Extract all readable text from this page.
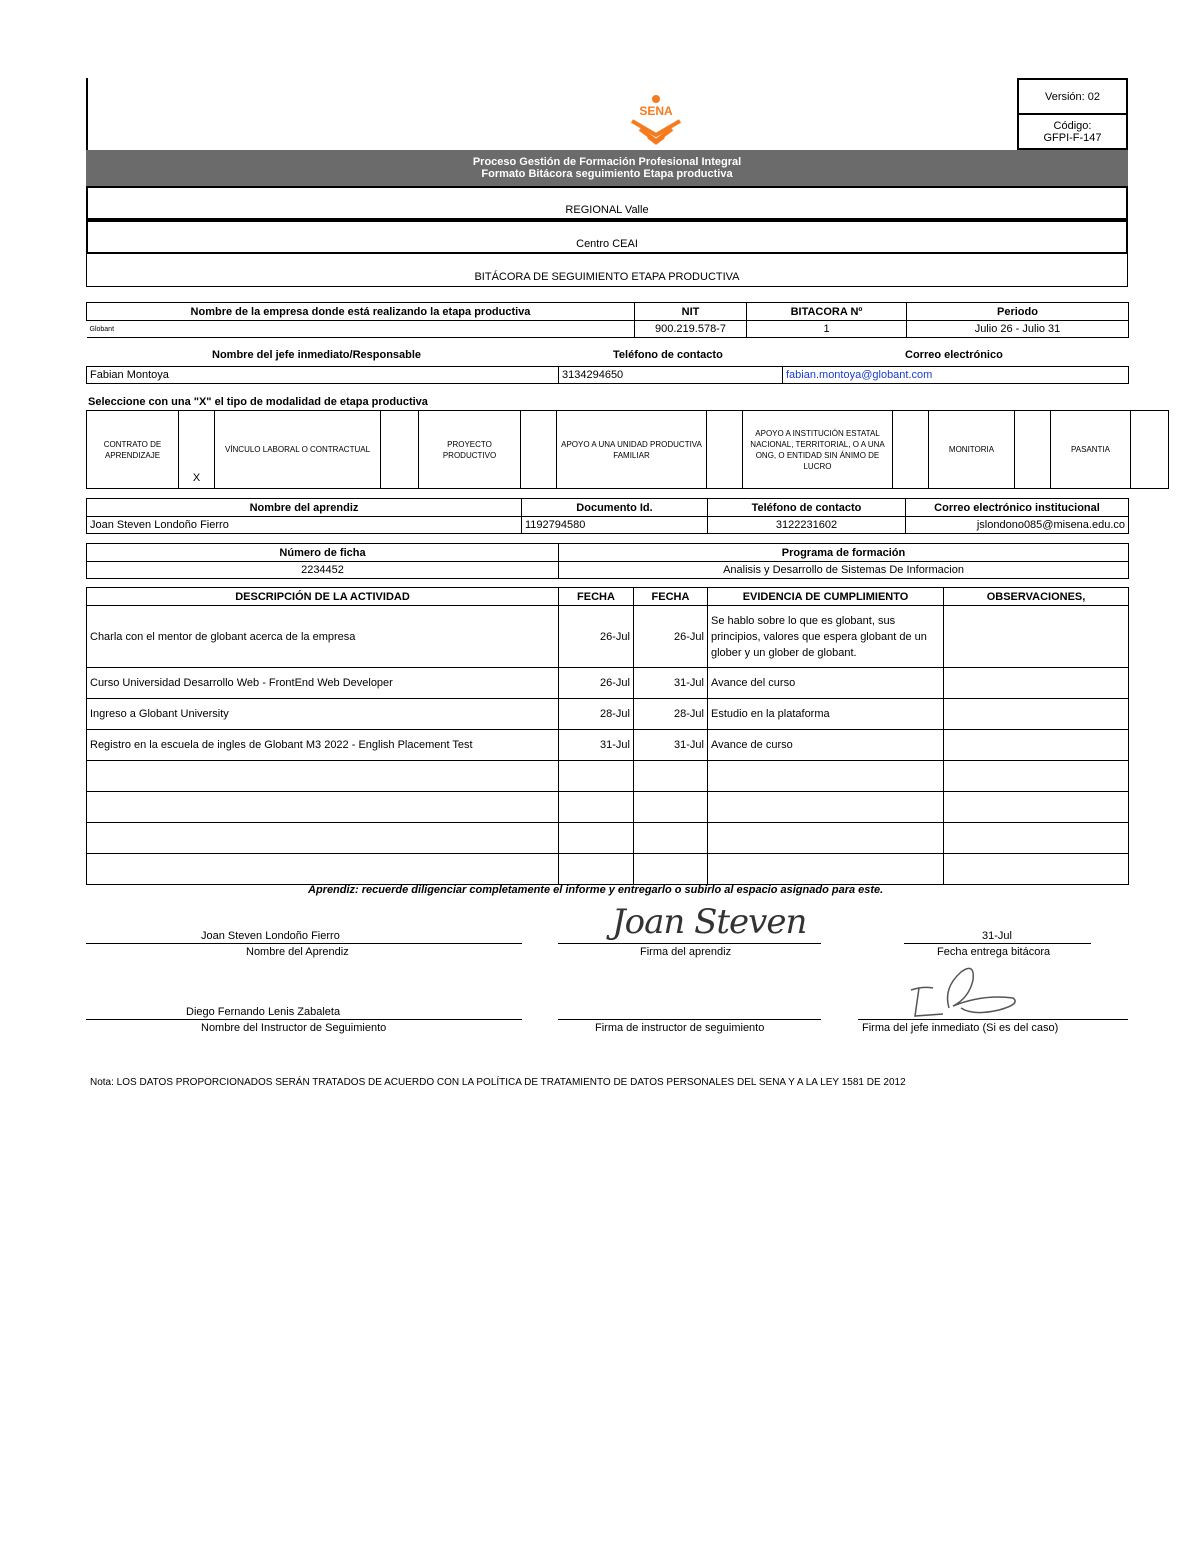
SENA
Versión: 02
Código:
GFPI-F-147
Proceso Gestión de Formación Profesional Integral
Formato Bitácora seguimiento Etapa productiva
REGIONAL Valle
Centro CEAI
BITÁCORA DE SEGUIMIENTO ETAPA PRODUCTIVA
Nombre de la empresa donde está realizando la etapa productiva	NIT	BITACORA Nº	Periodo
Globant	900.219.578-7	1	Julio 26 - Julio 31
Nombre del jefe inmediato/Responsable	Teléfono de contacto	Correo electrónico
Fabian Montoya	3134294650	fabian.montoya@globant.com
Seleccione con una "X" el tipo de modalidad de etapa productiva
CONTRATO DE APRENDIZAJE	X	VÍNCULO LABORAL O CONTRACTUAL		PROYECTO PRODUCTIVO		APOYO A UNA UNIDAD PRODUCTIVA FAMILIAR		APOYO A INSTITUCIÓN ESTATAL NACIONAL, TERRITORIAL, O A UNA ONG, O ENTIDAD SIN ÁNIMO DE LUCRO		MONITORIA		PASANTIA	
Nombre del aprendiz	Documento Id.	Teléfono de contacto	Correo electrónico institucional
Joan Steven Londoño Fierro	1192794580	3122231602	jslondono085@misena.edu.co
Número de ficha	Programa de formación
2234452	Analisis y Desarrollo de Sistemas De Informacion
DESCRIPCIÓN DE LA ACTIVIDAD	FECHA	FECHA	EVIDENCIA DE CUMPLIMIENTO	OBSERVACIONES,
Charla con el mentor de globant acerca de la empresa	26-Jul	26-Jul	Se hablo sobre lo que es globant, sus principios, valores que espera globant de un glober y un glober de globant.	
Curso Universidad Desarrollo Web - FrontEnd Web Developer	26-Jul	31-Jul	Avance del curso	
Ingreso a Globant University	28-Jul	28-Jul	Estudio en la plataforma	
Registro en la escuela de ingles de Globant M3 2022 - English Placement Test	31-Jul	31-Jul	Avance de curso	

Aprendiz: recuerde diligenciar completamente el informe y entregarlo o subirlo al espacio asignado para este.
Joan Steven Londoño Fierro
Nombre del Aprendiz
Joan Steven
Firma del aprendiz
31-Jul
Fecha entrega bitácora
Diego Fernando Lenis Zabaleta
Nombre del Instructor de Seguimiento	Firma de instructor de seguimiento	Firma del jefe inmediato (Si es del caso)
Nota: LOS DATOS PROPORCIONADOS SERÁN TRATADOS DE ACUERDO CON LA POLÍTICA DE TRATAMIENTO DE DATOS PERSONALES DEL SENA Y A LA LEY 1581 DE 2012
